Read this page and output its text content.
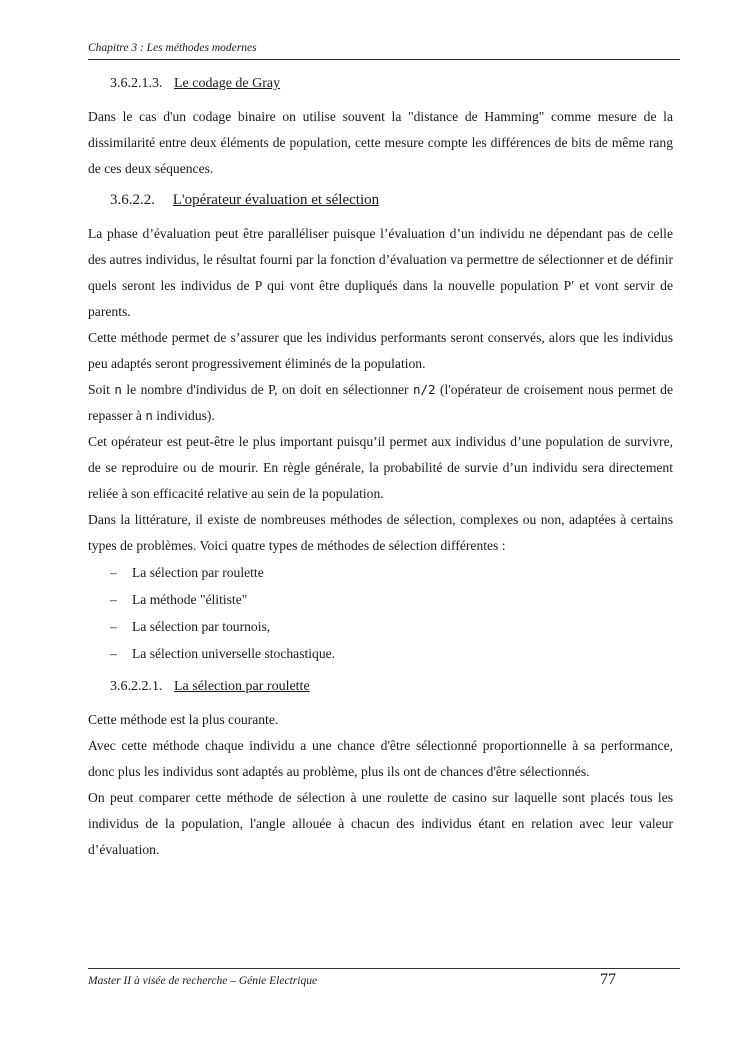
Chapitre 3 : Les méthodes modernes
3.6.2.1.3. Le codage de Gray

Dans le cas d'un codage binaire on utilise souvent la "distance de Hamming" comme mesure de la dissimilarité entre deux éléments de population, cette mesure compte les différences de bits de même rang de ces deux séquences.

3.6.2.2. L'opérateur évaluation et sélection

La phase d’évaluation peut être paralléliser puisque l’évaluation d’un individu ne dépendant pas de celle des autres individus, le résultat fourni par la fonction d’évaluation va permettre de sélectionner et de définir quels seront les individus de P qui vont être dupliqués dans la nouvelle population P′ et vont servir de parents.

Cette méthode permet de s’assurer que les individus performants seront conservés, alors que les individus peu adaptés seront progressivement éliminés de la population.

Soit n le nombre d'individus de P, on doit en sélectionner n/2 (l'opérateur de croisement nous permet de repasser à n individus).

Cet opérateur est peut-être le plus important puisqu’il permet aux individus d’une population de survivre, de se reproduire ou de mourir. En règle générale, la probabilité de survie d’un individu sera directement reliée à son efficacité relative au sein de la population.

Dans la littérature, il existe de nombreuses méthodes de sélection, complexes ou non, adaptées à certains types de problèmes. Voici quatre types de méthodes de sélection différentes :

– La sélection par roulette
– La méthode "élitiste"
– La sélection par tournois,
– La sélection universelle stochastique.
3.6.2.2.1. La sélection par roulette

Cette méthode est la plus courante.

Avec cette méthode chaque individu a une chance d'être sélectionné proportionnelle à sa performance, donc plus les individus sont adaptés au problème, plus ils ont de chances d'être sélectionnés.

On peut comparer cette méthode de sélection à une roulette de casino sur laquelle sont placés tous les individus de la population, l'angle allouée à chacun des individus étant en relation avec leur valeur d’évaluation.

Master II à visée de recherche – Génie Electrique	77
